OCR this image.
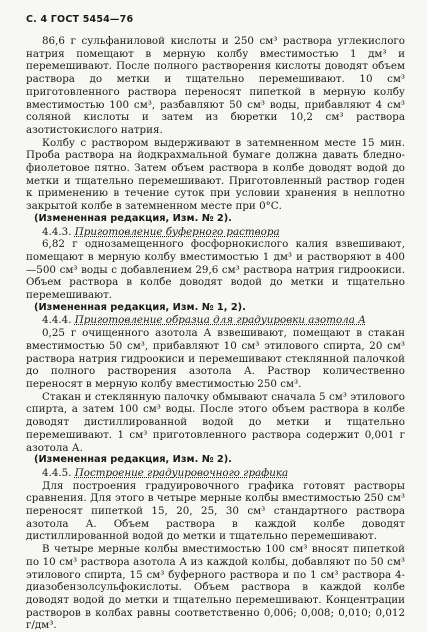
С. 4 ГОСТ 5454—76

86,6 г сульфаниловой кислоты и 250 см³ раствора углекислого натрия помещают в мерную колбу вместимостью 1 дм³ и перемешивают. После полного растворения кислоты доводят объем раствора до метки и тщательно перемешивают. 10 см³ приготовленного раствора переносят пипеткой в мерную колбу вместимостью 100 см³, разбавляют 50 см³ воды, прибавляют 4 см³ соляной кислоты и затем из бюретки 10,2 см³ раствора азотистокислого натрия.

Колбу с раствором выдерживают в затемненном месте 15 мин. Проба раствора на йодкрахмальной бумаге должна давать бледно-фиолетовое пятно. Затем объем раствора в колбе доводят водой до метки и тщательно перемешивают. Приготовленный раствор годен к применению в течение суток при условии хранения в неплотно закрытой колбе в затемненном месте при 0°С.

(Измененная редакция, Изм. № 2).

4.4.3. Приготовление буферного раствора

6,82 г однозамещенного фосфорнокислого калия взвешивают, помещают в мерную колбу вместимостью 1 дм³ и растворяют в 400—500 см³ воды с добавлением 29,6 см³ раствора натрия гидроокиси. Объем раствора в колбе доводят водой до метки и тщательно перемешивают.

(Измененная редакция, Изм. № 1, 2).

4.4.4. Приготовление образца для градуировки азотола А

0,25 г очищенного азотола А взвешивают, помещают в стакан вместимостью 50 см³, прибавляют 10 см³ этилового спирта, 20 см³ раствора натрия гидроокиси и перемешивают стеклянной палочкой до полного растворения азотола А. Раствор количественно переносят в мерную колбу вместимостью 250 см³.

Стакан и стеклянную палочку обмывают сначала 5 см³ этилового спирта, а затем 100 см³ воды. После этого объем раствора в колбе доводят дистиллированной водой до метки и тщательно перемешивают. 1 см³ приготовленного раствора содержит 0,001 г азотола А.

(Измененная редакция, Изм. № 2).

4.4.5. Построение градуировочного графика

Для построения градуировочного графика готовят растворы сравнения. Для этого в четыре мерные колбы вместимостью 250 см³ переносят пипеткой 15, 20, 25, 30 см³ стандартного раствора азотола А. Объем раствора в каждой колбе доводят дистиллированной водой до метки и тщательно перемешивают.

В четыре мерные колбы вместимостью 100 см³ вносят пипеткой по 10 см³ раствора азотола А из каждой колбы, добавляют по 50 см³ этилового спирта, 15 см³ буферного раствора и по 1 см³ раствора 4-диазобензолсульфокислоты. Объем раствора в каждой колбе доводят водой до метки и тщательно перемешивают. Концентрации растворов в колбах равны соответственно 0,006; 0,008; 0,010; 0,012 г/дм³.
